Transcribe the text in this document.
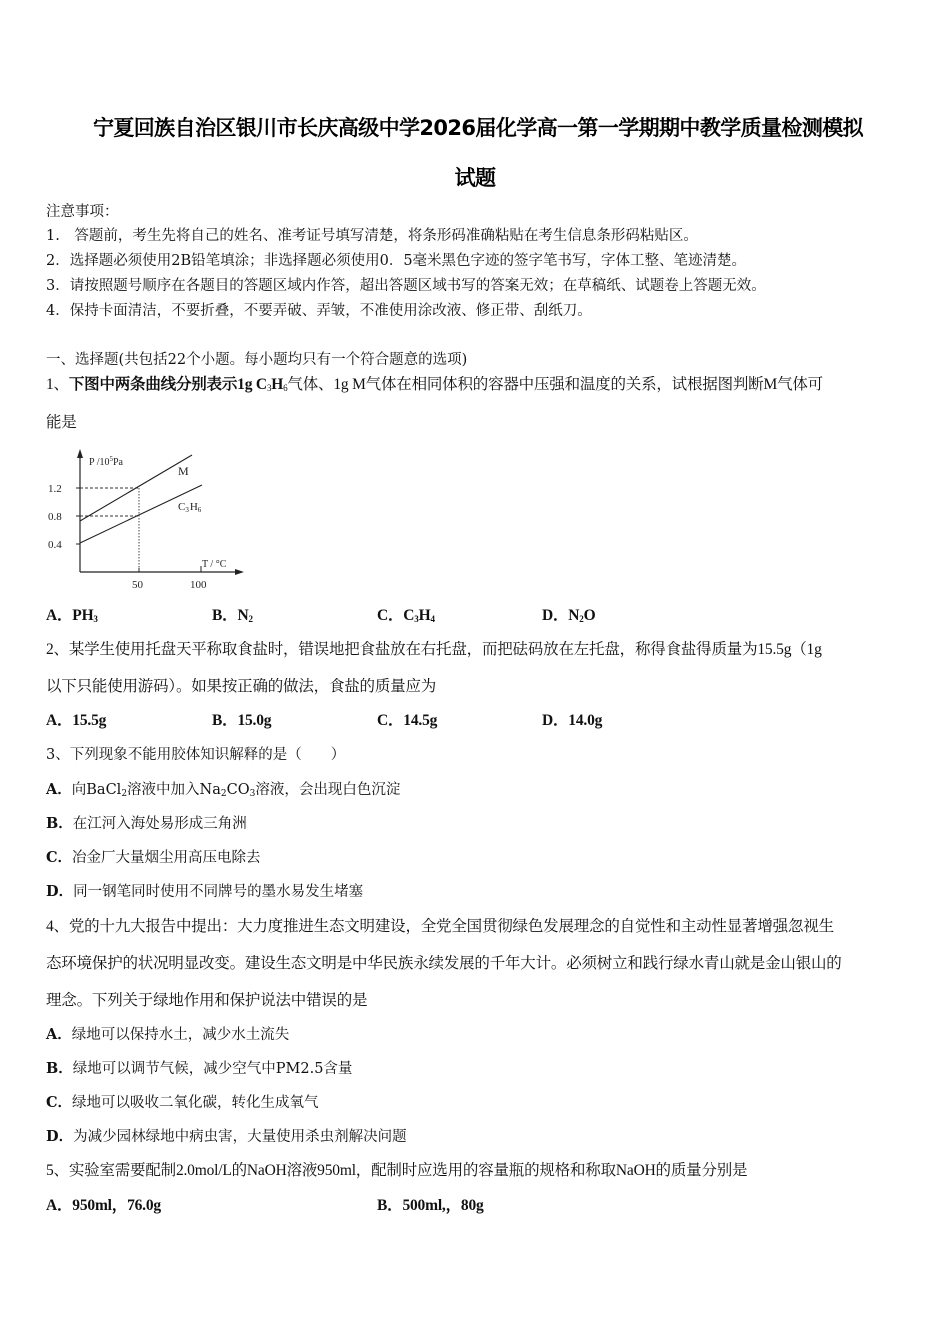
宁夏回族自治区银川市长庆高级中学2026届化学高一第一学期期中教学质量检测模拟
试题
注意事项：
1.　答题前，考生先将自己的姓名、准考证号填写清楚，将条形码准确粘贴在考生信息条形码粘贴区。
2．选择题必须使用2B铅笔填涂；非选择题必须使用0．5毫米黑色字迹的签字笔书写，字体工整、笔迹清楚。
3．请按照题号顺序在各题目的答题区域内作答，超出答题区域书写的答案无效；在草稿纸、试题卷上答题无效。
4．保持卡面清洁，不要折叠，不要弄破、弄皱，不准使用涂改液、修正带、刮纸刀。
一、选择题(共包括22个小题。每小题均只有一个符合题意的选项)
1、下图中两条曲线分别表示1g $C_3H_6$气体、1g M气体在相同体积的容器中压强和温度的关系，试根据图判断M气体可
能是
1.2
0.8
0.4
50	100
P $/10^5Pa$
M
C3H6
T / °C
A．$PH_3$	B．$N_2$	C．$C_3H_4$	D．$N_2O$
2、某学生使用托盘天平称取食盐时，错误地把食盐放在右托盘，而把砝码放在左托盘，称得食盐得质量为15.5g（1g
以下只能使用游码）。如果按正确的做法，食盐的质量应为
A．15.5g	B．15.0g	C．14.5g	D．14.0g
3、下列现象不能用胶体知识解释的是（　　）
A．向BaCl$_2$溶液中加入$Na_2CO_3$溶液，会出现白色沉淀
B．在江河入海处易形成三角洲
C．冶金厂大量烟尘用高压电除去
D．同一钢笔同时使用不同牌号的墨水易发生堵塞
4、党的十九大报告中提出：大力度推进生态文明建设，全党全国贯彻绿色发展理念的自觉性和主动性显著增强忽视生
态环境保护的状况明显改变。建设生态文明是中华民族永续发展的千年大计。必须树立和践行绿水青山就是金山银山的
理念。下列关于绿地作用和保护说法中错误的是
A．绿地可以保持水土，减少水土流失
B．绿地可以调节气候，减少空气中PM2.5含量
C．绿地可以吸收二氧化碳，转化生成氧气
D．为减少园林绿地中病虫害，大量使用杀虫剂解决问题
5、实验室需要配制2.0mol/L的NaOH溶液950ml，配制时应选用的容量瓶的规格和称取NaOH的质量分别是
A．950ml，76.0g	B．500ml,，80g
